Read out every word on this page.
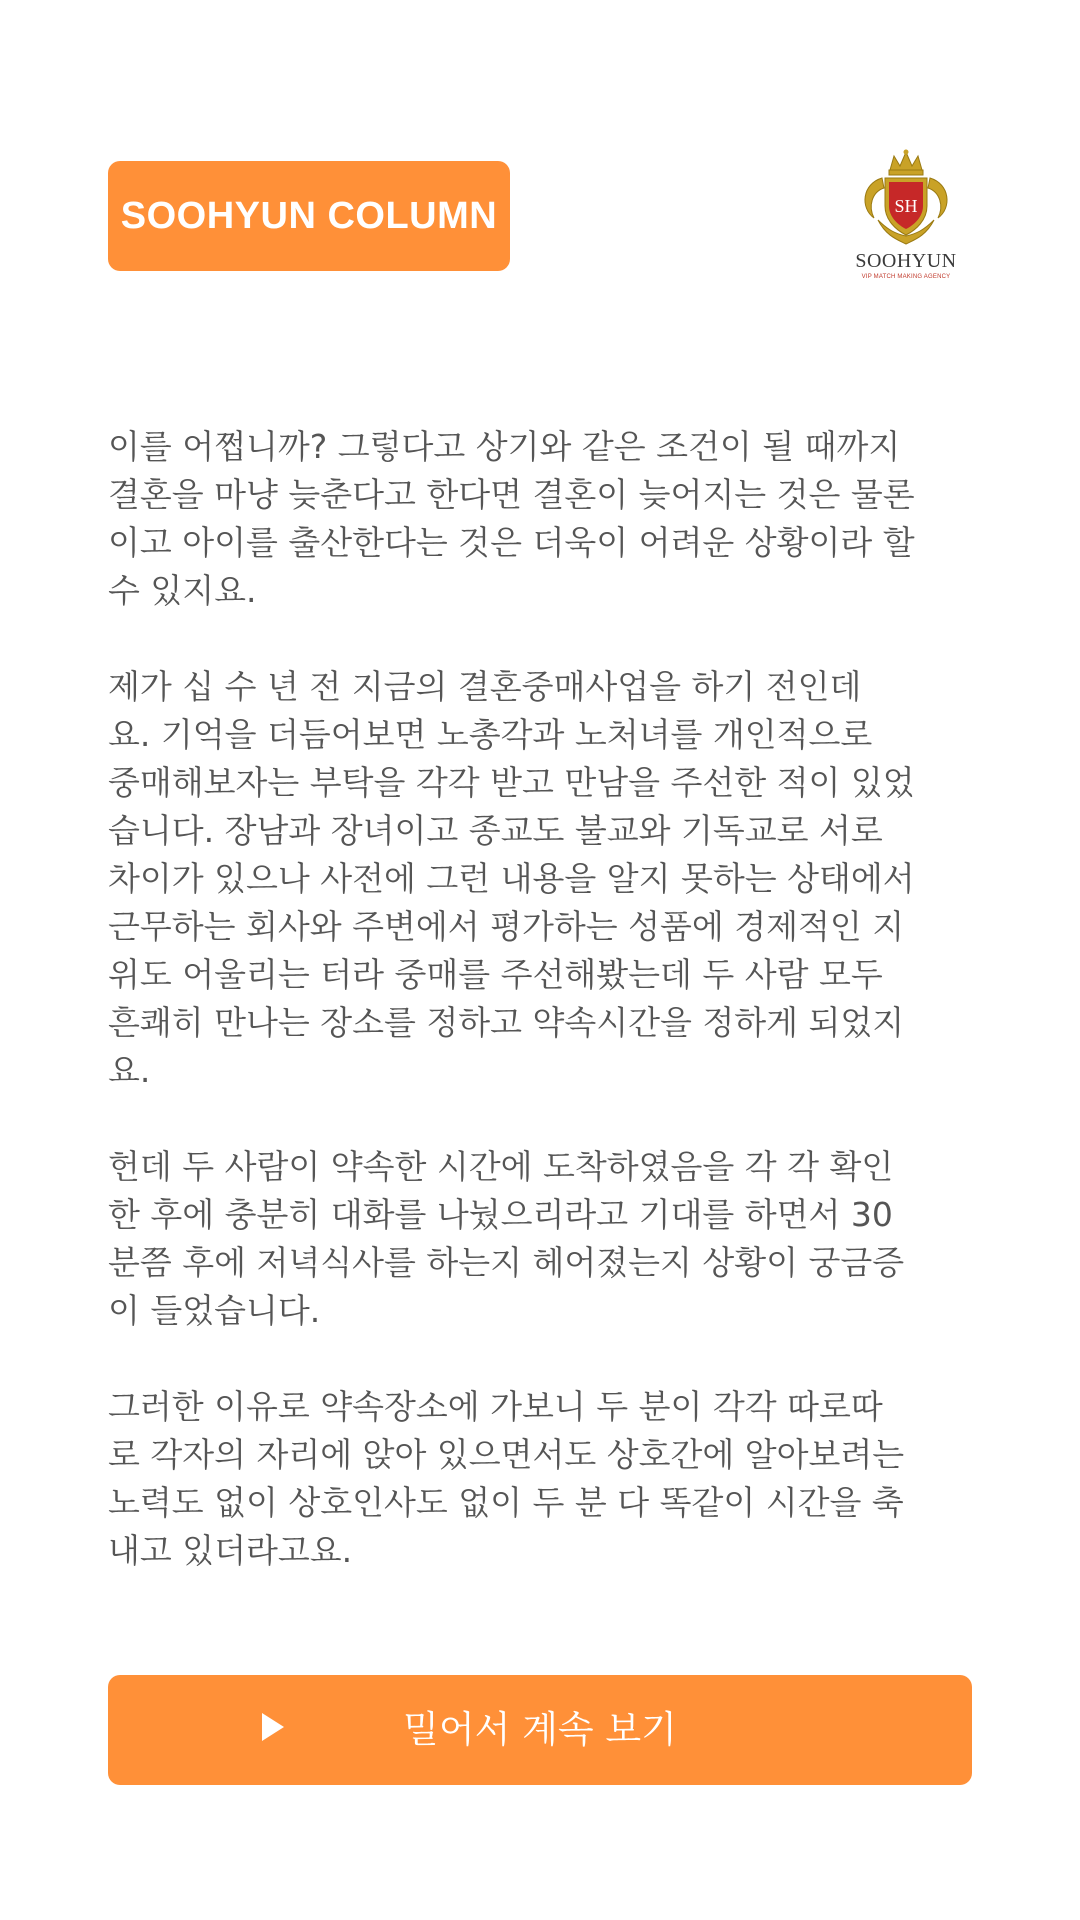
SOOHYUN COLUMN	SH
SOOHYUN
VIP MATCH MAKING AGENCY

이를 어쩝니까? 그렇다고 상기와 같은 조건이 될 때까지
결혼을 마냥 늦춘다고 한다면 결혼이 늦어지는 것은 물론
이고 아이를 출산한다는 것은 더욱이 어려운 상황이라 할
수 있지요.

제가 십 수 년 전 지금의 결혼중매사업을 하기 전인데
요. 기억을 더듬어보면 노총각과 노처녀를 개인적으로
중매해보자는 부탁을 각각 받고 만남을 주선한 적이 있었
습니다. 장남과 장녀이고 종교도 불교와 기독교로 서로
차이가 있으나 사전에 그런 내용을 알지 못하는 상태에서
근무하는 회사와 주변에서 평가하는 성품에 경제적인 지
위도 어울리는 터라 중매를 주선해봤는데 두 사람 모두
흔쾌히 만나는 장소를 정하고 약속시간을 정하게 되었지
요.

헌데 두 사람이 약속한 시간에 도착하였음을 각 각 확인
한 후에 충분히 대화를 나눴으리라고 기대를 하면서 30
분쯤 후에 저녁식사를 하는지 헤어졌는지 상황이 궁금증
이 들었습니다.

그러한 이유로 약속장소에 가보니 두 분이 각각 따로따
로 각자의 자리에 앉아 있으면서도 상호간에 알아보려는
노력도 없이 상호인사도 없이 두 분 다 똑같이 시간을 축
내고 있더라고요.

밀어서 계속 보기
